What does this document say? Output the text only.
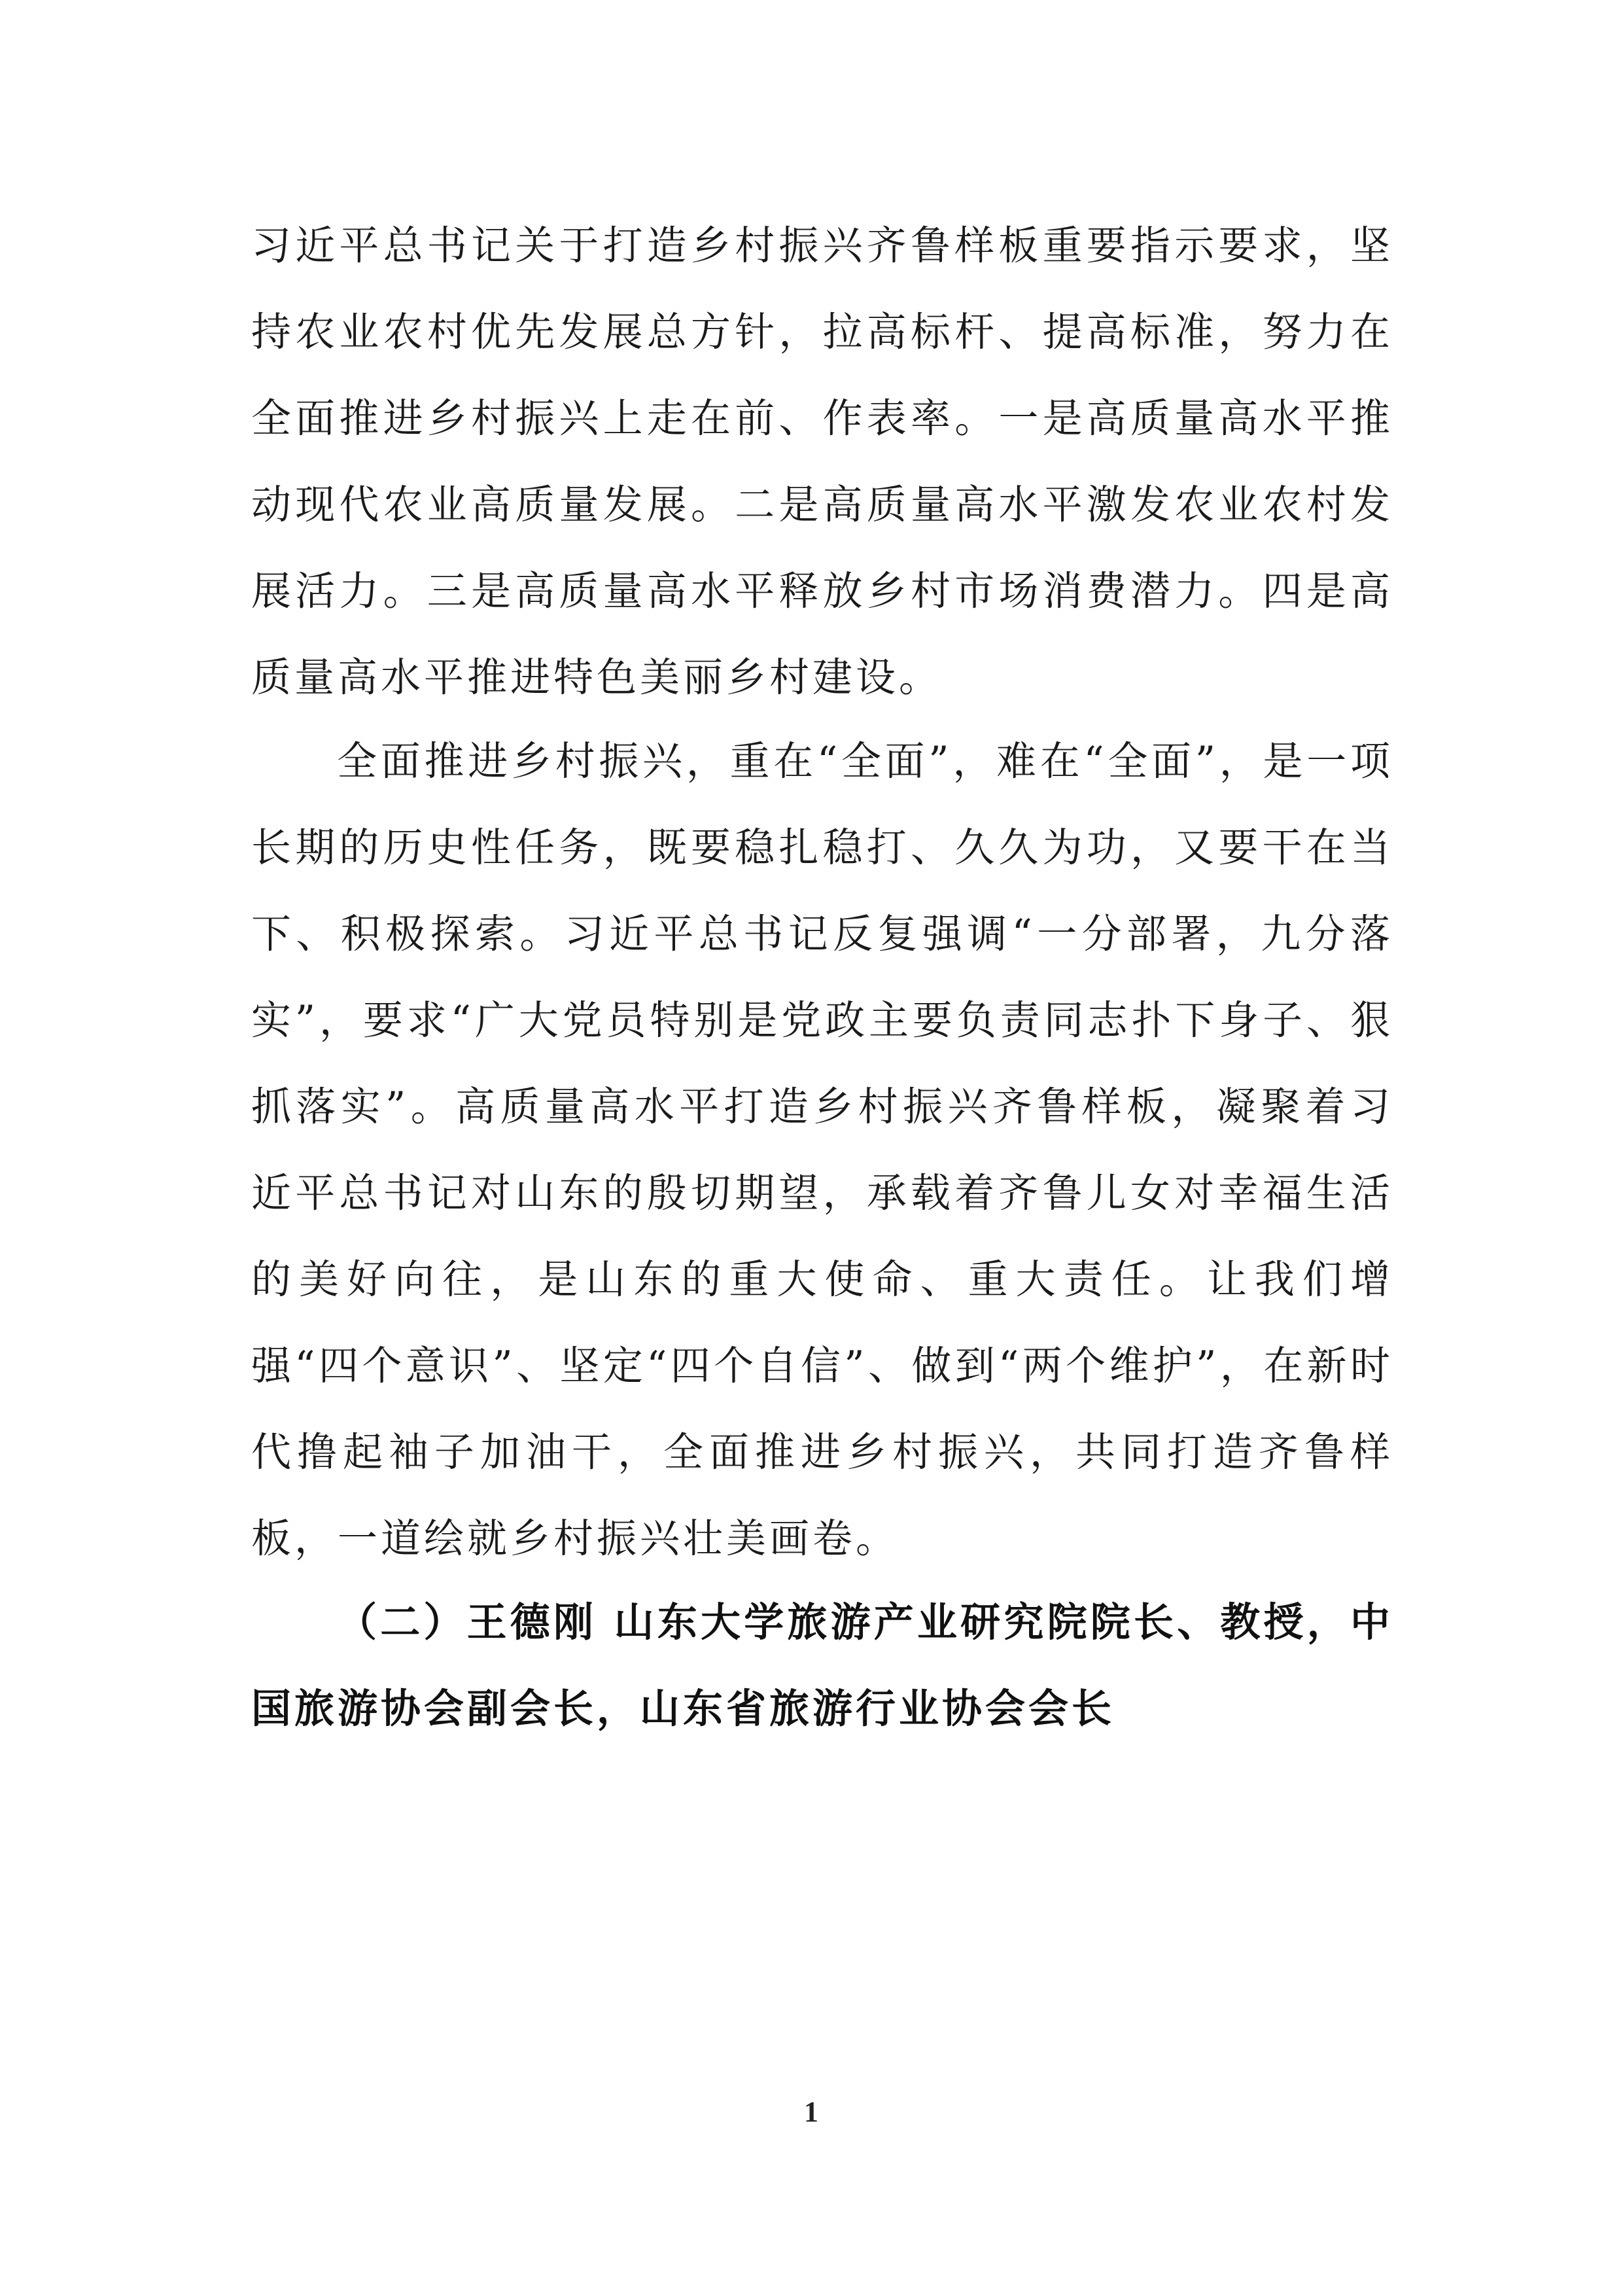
习近平总书记关于打造乡村振兴齐鲁样板重要指示要求，坚持农业农村优先发展总方针，拉高标杆、提高标准，努力在全面推进乡村振兴上走在前、作表率。一是高质量高水平推动现代农业高质量发展。二是高质量高水平激发农业农村发展活力。三是高质量高水平释放乡村市场消费潜力。四是高质量高水平推进特色美丽乡村建设。

全面推进乡村振兴，重在“全面”，难在“全面”，是一项长期的历史性任务，既要稳扎稳打、久久为功，又要干在当下、积极探索。习近平总书记反复强调“一分部署，九分落实”，要求“广大党员特别是党政主要负责同志扑下身子、狠抓落实”。高质量高水平打造乡村振兴齐鲁样板，凝聚着习近平总书记对山东的殷切期望，承载着齐鲁儿女对幸福生活的美好向往，是山东的重大使命、重大责任。让我们增强“四个意识”、坚定“四个自信”、做到“两个维护”，在新时代撸起袖子加油干，全面推进乡村振兴，共同打造齐鲁样板，一道绘就乡村振兴壮美画卷。

（二）王德刚 山东大学旅游产业研究院院长、教授，中国旅游协会副会长，山东省旅游行业协会会长

1
